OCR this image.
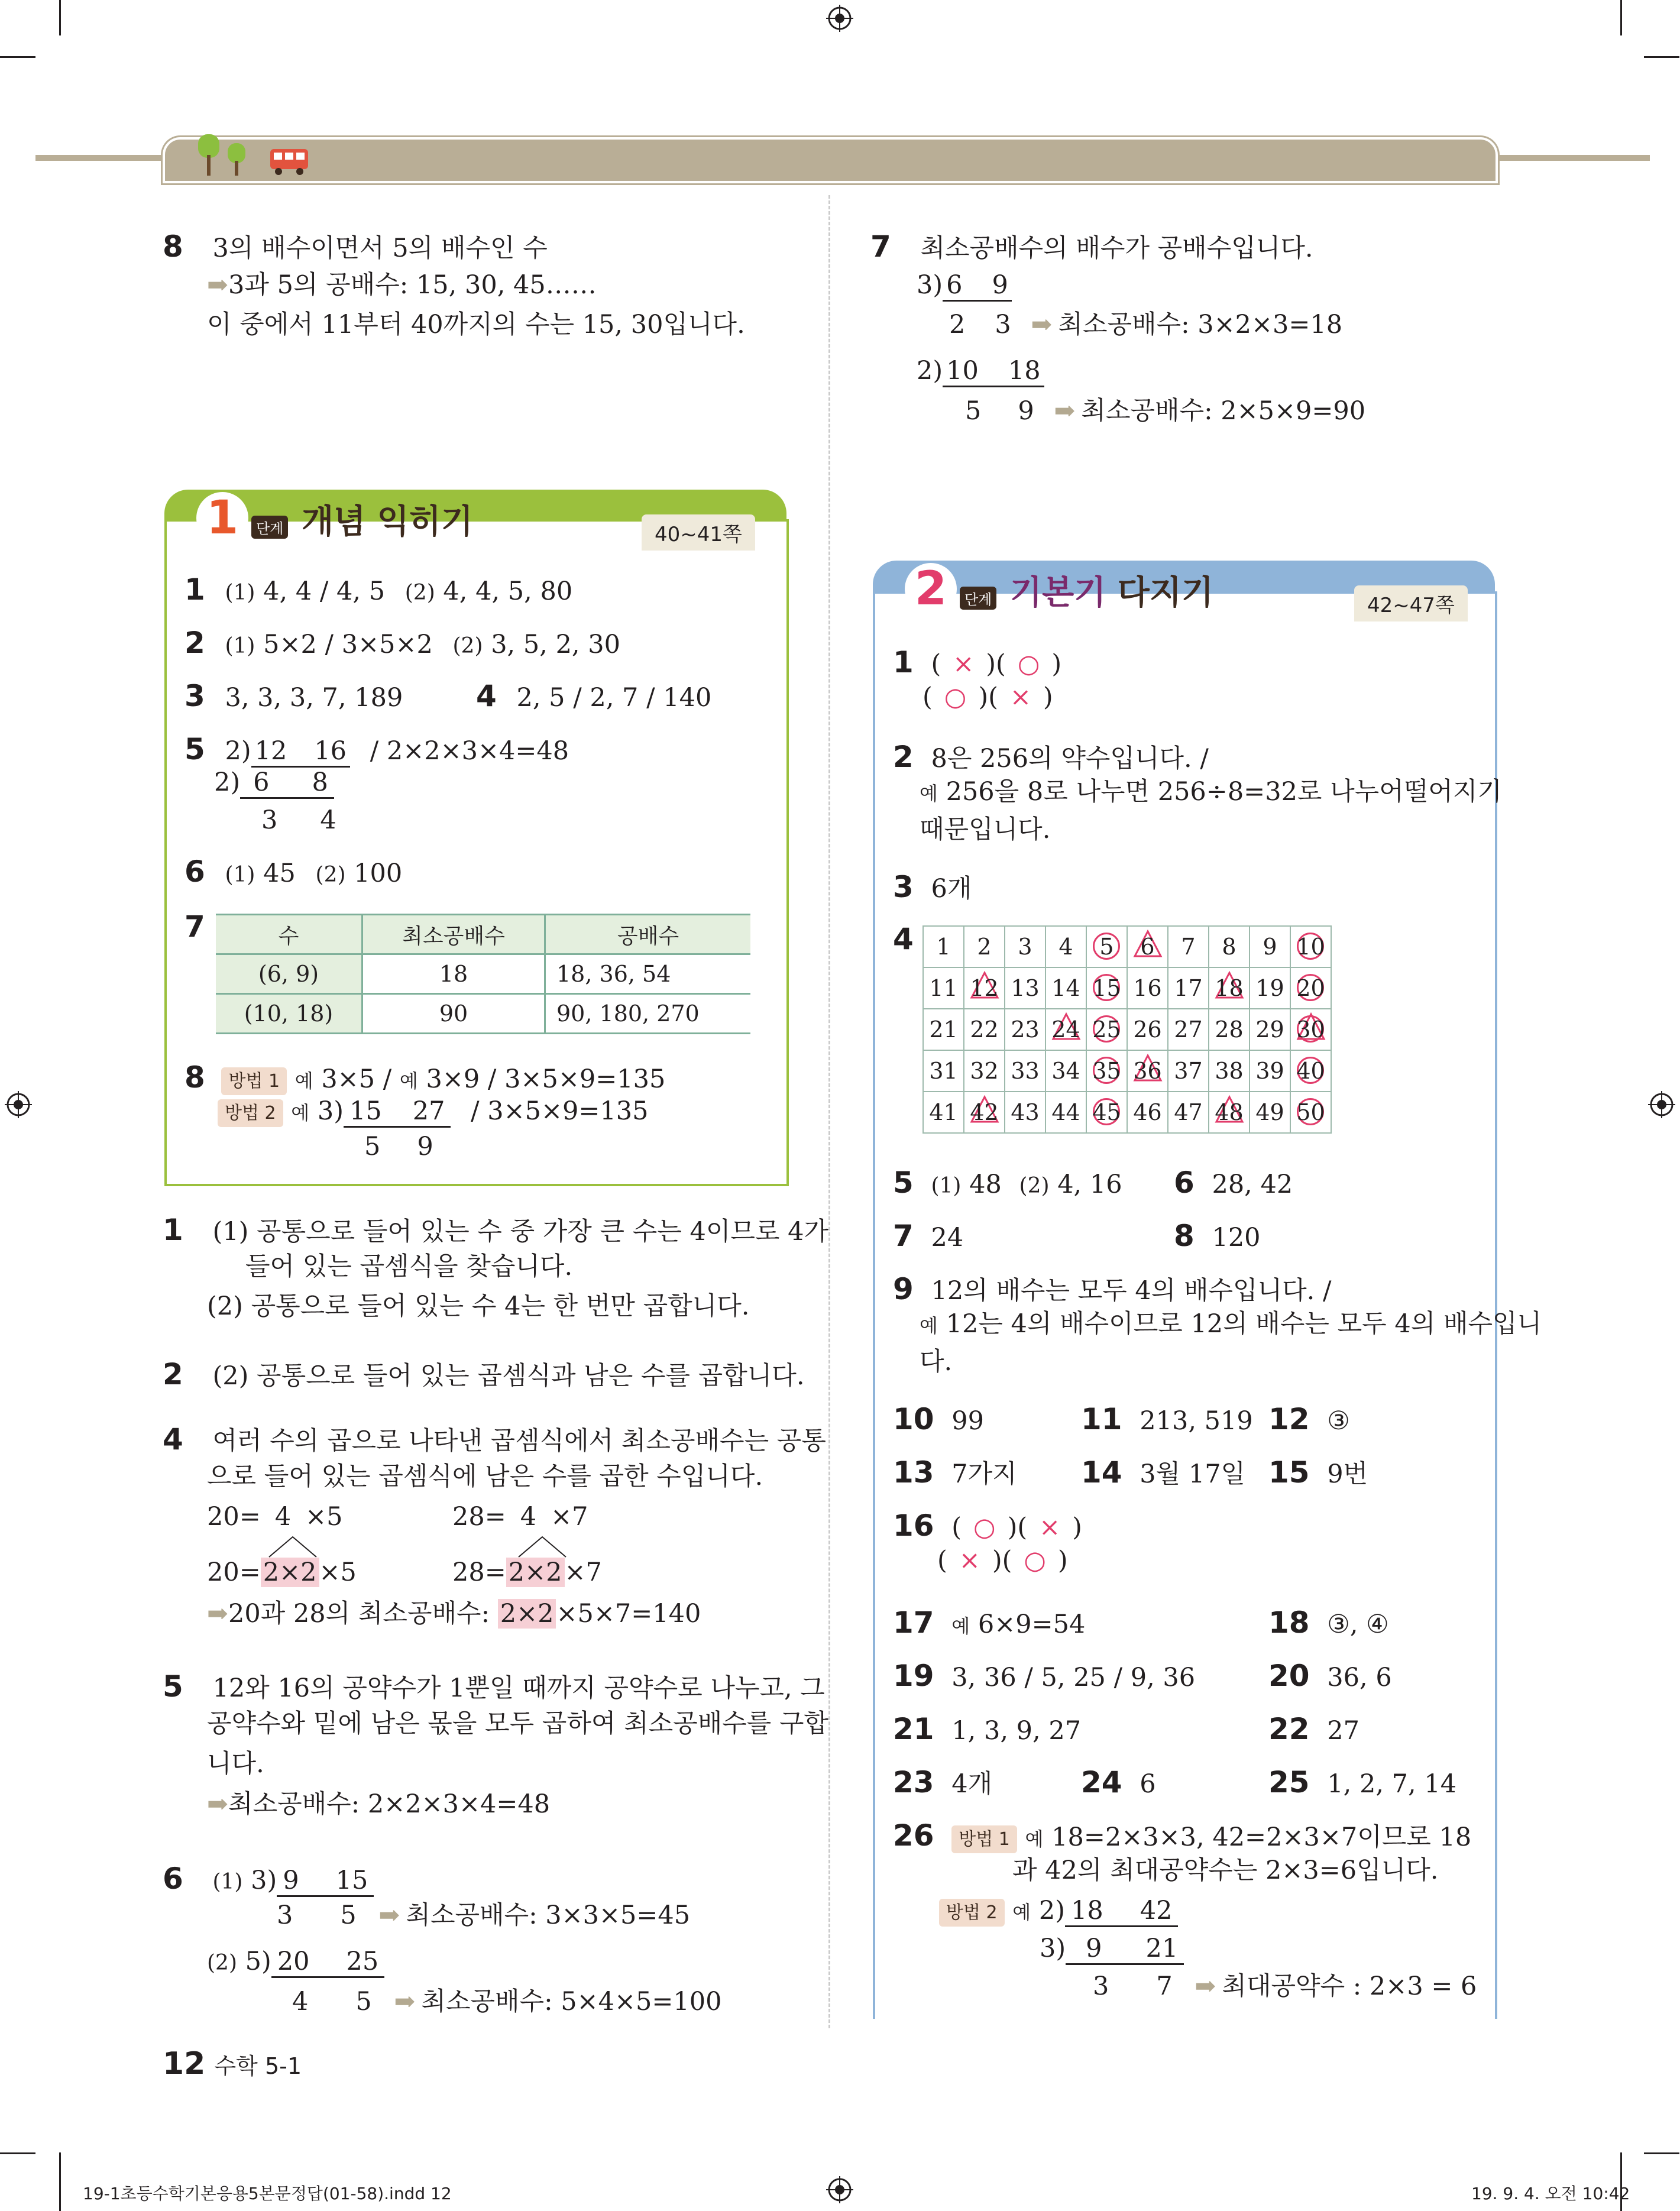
8 3의 배수이면서 5의 배수인 수
➡3과 5의 공배수: 15, 30, 45……
이 중에서 11부터 40까지의 수는 15, 30입니다.
7 최소공배수의 배수가 공배수입니다.
3) 6 9
2 3 ➡ 최소공배수: 3×2×3=18
2) 10 18
5 9 ➡ 최소공배수: 2×5×9=90
1	단계 개념 익히기	40~41쪽
1 (1) 4, 4 / 4, 5 (2) 4, 4, 5, 80
2 (1) 5×2 / 3×5×2 (2) 3, 5, 2, 30
3 3, 3, 3, 7, 189 4 2, 5 / 2, 7 / 140
5 2) 12 16 / 2×2×3×4=48
2) 6 8
3 4
6 (1) 45 (2) 100
7	수	최소공배수	공배수
(6, 9)	18	18, 36, 54
(10, 18)	90	90, 180, 270
8 방법 1 예 3×5 / 예 3×9 / 3×5×9=135
방법 2 예 3) 15 27 / 3×5×9=135
5 9
1 (1) 공통으로 들어 있는 수 중 가장 큰 수는 4이므로 4가
들어 있는 곱셈식을 찾습니다.
(2) 공통으로 들어 있는 수 4는 한 번만 곱합니다.
2 (2) 공통으로 들어 있는 곱셈식과 남은 수를 곱합니다.
4 여러 수의 곱으로 나타낸 곱셈식에서 최소공배수는 공통
으로 들어 있는 곱셈식에 남은 수를 곱한 수입니다.
20= 4 ×5	28= 4 ×7
20=2×2×5	28=2×2×7
➡20과 28의 최소공배수: 2×2×5×7=140
5 12와 16의 공약수가 1뿐일 때까지 공약수로 나누고, 그
공약수와 밑에 남은 몫을 모두 곱하여 최소공배수를 구합
니다.
➡최소공배수: 2×2×3×4=48
6 (1) 3) 9 15
3 5 ➡ 최소공배수: 3×3×5=45
(2) 5) 20 25
4 5 ➡ 최소공배수: 5×4×5=100
2	단계 기본기 다지기	42~47쪽
1 ( × )( ○ )
( ○ )( × )
2 8은 256의 약수입니다. /
예 256을 8로 나누면 256÷8=32로 나누어떨어지기
때문입니다.
3 6개
4 1	2	3	4	5	6	7	8	9	10

11	12	13	14	15	16	17	18	19	20

21	22	23	24	25	26	27	28	29	30

31	32	33	34	35	36	37	38	39	40

41	42	43	44	45	46	47	48	49	50
5 (1) 48 (2) 4, 16 6 28, 42
7 24	8 120
9 12의 배수는 모두 4의 배수입니다. /
예 12는 4의 배수이므로 12의 배수는 모두 4의 배수입니
다.
10 99	11 213, 519 12 ③
13 7가지 14 3월 17일 15 9번
16 ( ○ )( × )
( × )( ○ )
17 예 6×9=54	18 ③, ④
19 3, 36 / 5, 25 / 9, 36 20 36, 6
21 1, 3, 9, 27	22 27
23 4개	24 6	25 1, 2, 7, 14
26 방법 1 예 18=2×3×3, 42=2×3×7이므로 18
과 42의 최대공약수는 2×3=6입니다.
방법 2 예 2) 18 42
3) 9 21
3 7 ➡ 최대공약수 : 2×3 = 6
12 수학 5-1
19-1초등수학기본응용5본문정답(01-58).indd 12	19. 9. 4. 오전 10:42
